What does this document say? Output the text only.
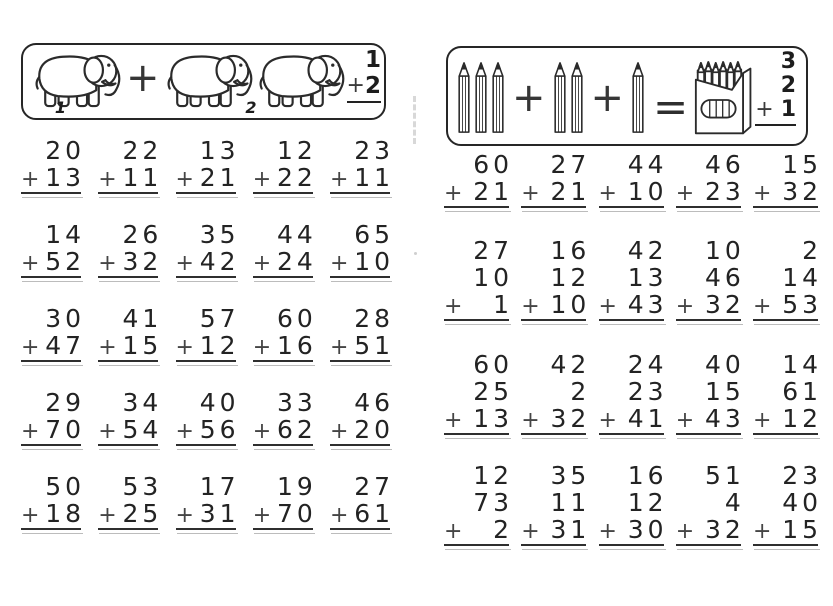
1
+
2
1
+ 2
20
+ 13
22
+ 11
13
+ 21
12
+ 22
23
+ 11
14
+ 52
26
+ 32
35
+ 42
44
+ 24
65
+ 10
30
+ 47
41
+ 15
57
+ 12
60
+ 16
28
+ 51
29
+ 70
34
+ 54
40
+ 56
33
+ 62
46
+ 20
50
+ 18
53
+ 25
17
+ 31
19
+ 70
27
+ 61
+ + =
3
2
+ 1
60
+ 21
27
+ 21
44
+ 10
46
+ 23
15
+ 32
27
10
+ 1
16
12
+ 10
42
13
+ 43
10
46
+ 32
2
14
+ 53
60
25
+ 13
42
2
+ 32
24
23
+ 41
40
15
+ 43
14
61
+ 12
12
73
+ 2
35
11
+ 31
16
12
+ 30
51
4
+ 32
23
40
+ 15
